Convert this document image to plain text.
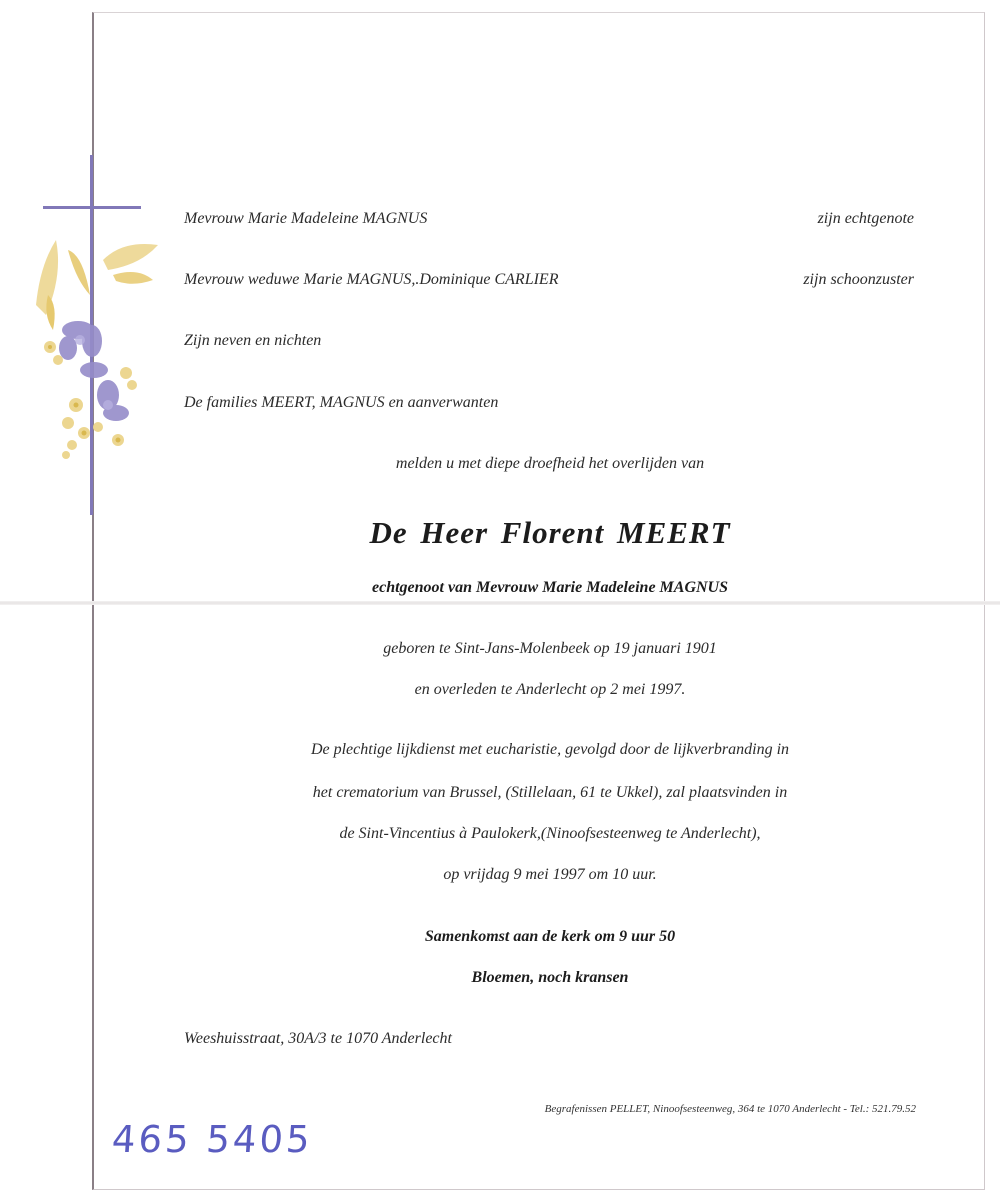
Mevrouw Marie Madeleine MAGNUS	zijn echtgenote
Mevrouw weduwe Marie MAGNUS,.Dominique CARLIER	zijn schoonzuster
Zijn neven en nichten
De families MEERT, MAGNUS en aanverwanten
melden u met diepe droefheid het overlijden van
De Heer Florent MEERT
echtgenoot van Mevrouw Marie Madeleine MAGNUS
geboren te Sint-Jans-Molenbeek op 19 januari 1901
en overleden te Anderlecht op 2 mei 1997.
De plechtige lijkdienst met eucharistie, gevolgd door de lijkverbranding in
het crematorium van Brussel, (Stillelaan, 61 te Ukkel), zal plaatsvinden in
de Sint-Vincentius à Paulokerk,(Ninoofsesteenweg te Anderlecht),
op vrijdag 9 mei 1997 om 10 uur.
Samenkomst aan de kerk om 9 uur 50
Bloemen, noch kransen
Weeshuisstraat, 30A/3 te 1070 Anderlecht
Begrafenissen PELLET, Ninoofsesteenweg, 364 te 1070 Anderlecht - Tel.: 521.79.52
465 5405
